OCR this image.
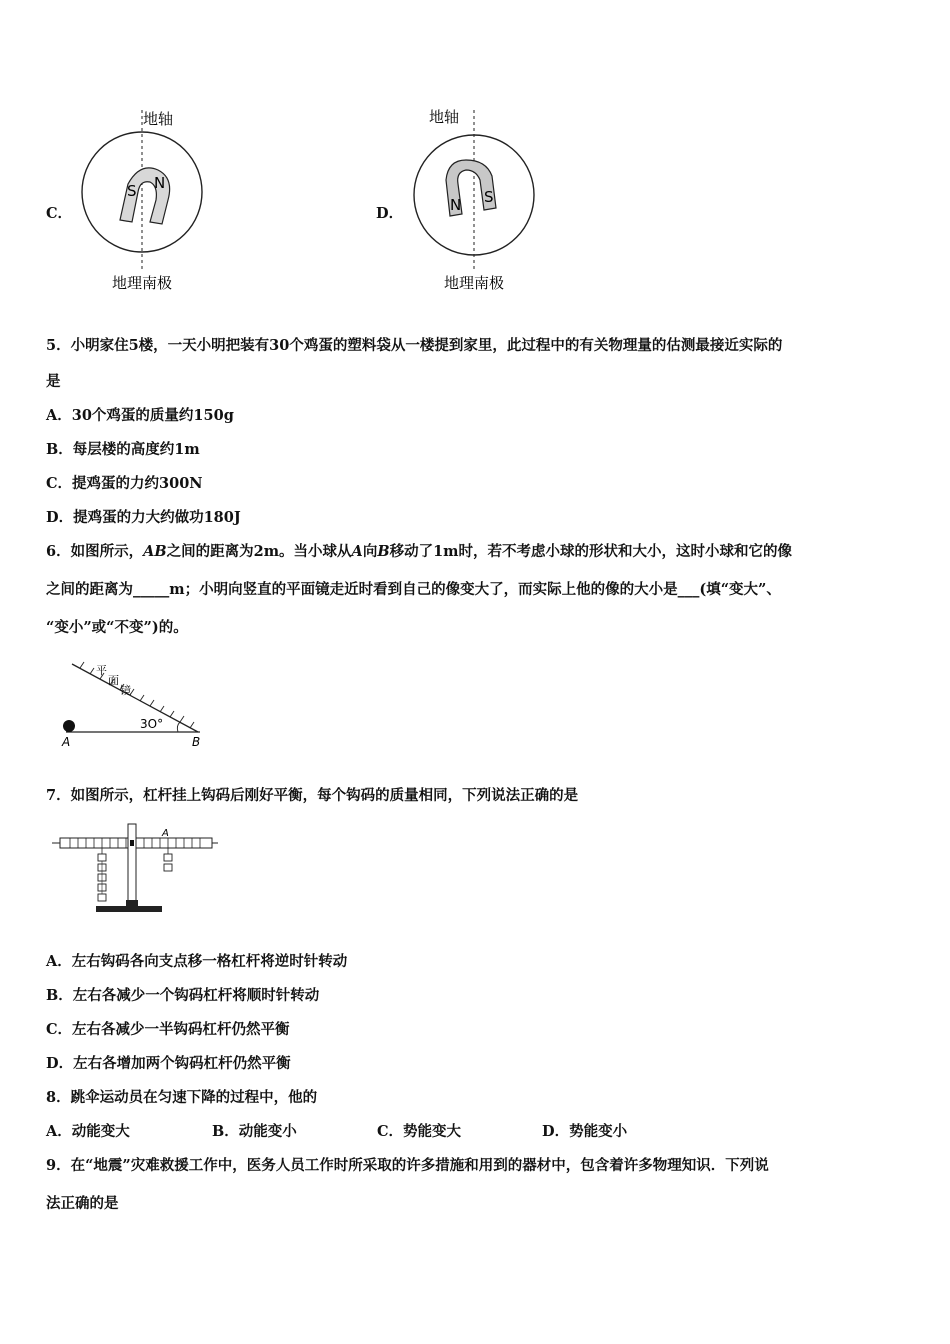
C．
地轴
S N
地理南极
D．
地轴
N S
地理南极
5．小明家住5楼，一天小明把装有30个鸡蛋的塑料袋从一楼提到家里，此过程中的有关物理量的估测最接近实际的
是
A．30个鸡蛋的质量约150g
B．每层楼的高度约1m
C．提鸡蛋的力约300N
D．提鸡蛋的力大约做功180J
6．如图所示，AB之间的距离为2m。当小球从A向B移动了1m时，若不考虑小球的形状和大小，这时小球和它的像
之间的距离为_____m；小明向竖直的平面镜走近时看到自己的像变大了，而实际上他的像的大小是___(填“变大”、
“变小”或“不变”)的。
平
面
镜
3O°
A	B
7．如图所示，杠杆挂上钩码后刚好平衡，每个钩码的质量相同，下列说法正确的是
A
A．左右钩码各向支点移一格杠杆将逆时针转动
B．左右各减少一个钩码杠杆将顺时针转动
C．左右各减少一半钩码杠杆仍然平衡
D．左右各增加两个钩码杠杆仍然平衡
8．跳伞运动员在匀速下降的过程中，他的
A．动能变大	B．动能变小	C．势能变大	D．势能变小
9．在“地震”灾难救援工作中，医务人员工作时所采取的许多措施和用到的器材中，包含着许多物理知识．下列说
法正确的是
